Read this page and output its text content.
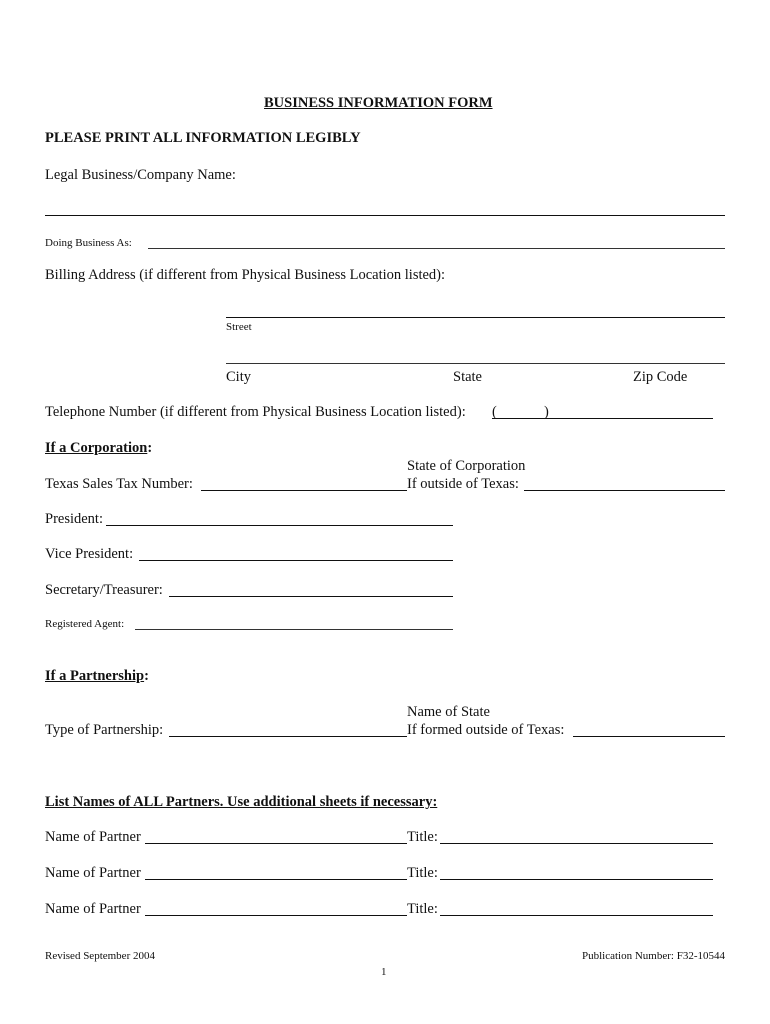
BUSINESS INFORMATION FORM
PLEASE PRINT ALL INFORMATION LEGIBLY
Legal Business/Company Name:
Doing Business As:
Billing Address (if different from Physical Business Location listed):
Street
City	State	Zip Code
Telephone Number (if different from Physical Business Location listed): (	)
If a Corporation:
State of Corporation
Texas Sales Tax Number:	If outside of Texas:
President:
Vice President:
Secretary/Treasurer:
Registered Agent:
If a Partnership:
Name of State
Type of Partnership:	If formed outside of Texas:
List Names of ALL Partners. Use additional sheets if necessary:
Name of Partner	Title:
Name of Partner	Title:
Name of Partner	Title:
Revised September 2004	Publication Number: F32-10544
1
